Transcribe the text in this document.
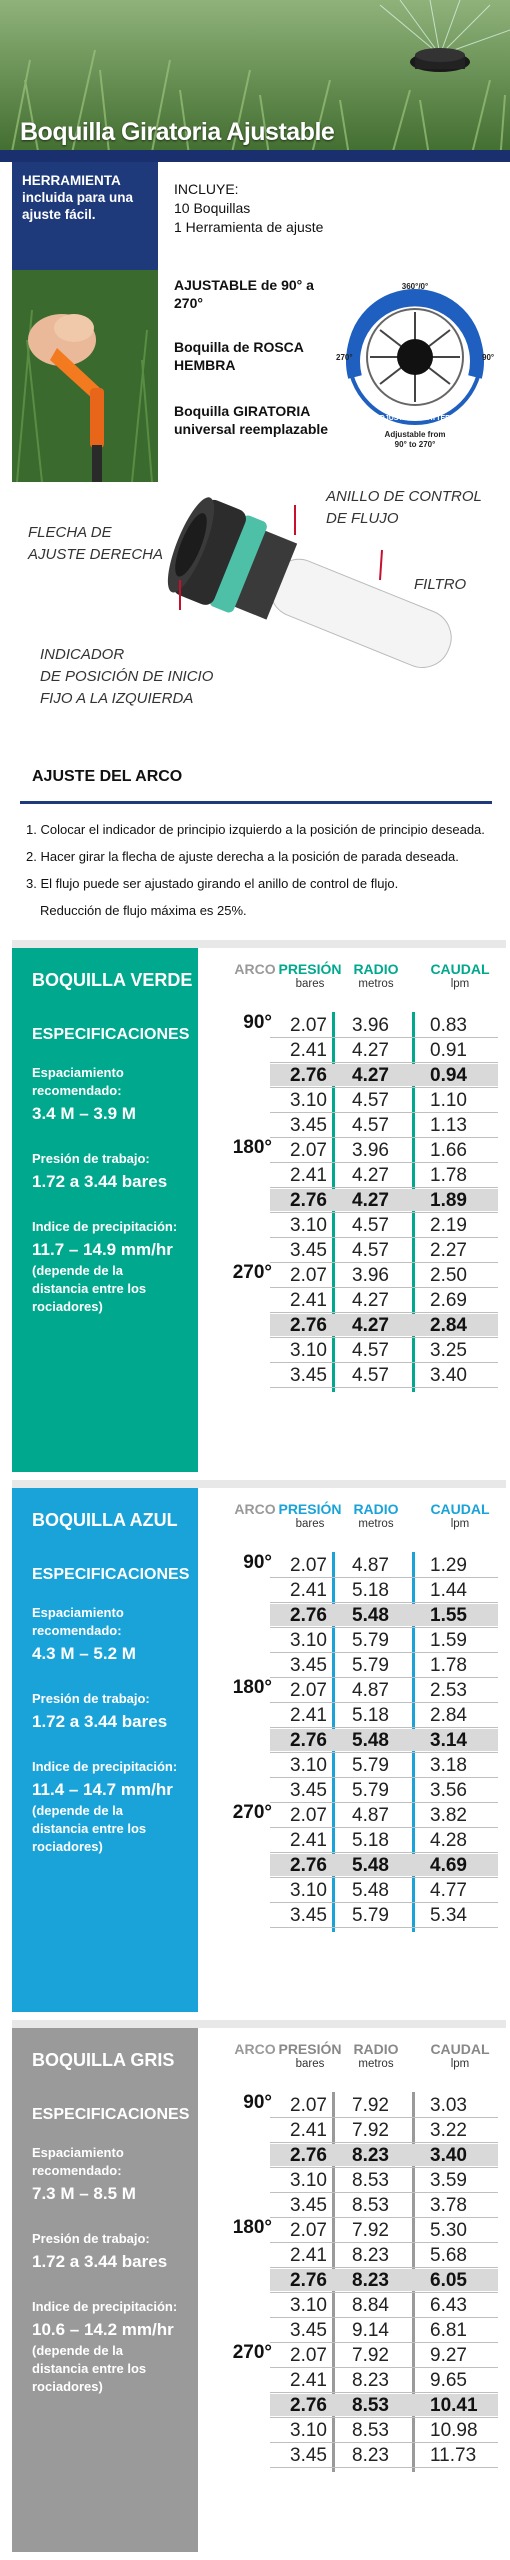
Boquilla Giratoria Ajustable
HERRAMIENTA incluida para una ajuste fácil.
INCLUYE:
10 Boquillas
1 Herramienta de ajuste
AJUSTABLE de 90° a 270°
Boquilla de ROSCA HEMBRA
Boquilla GIRATORIA universal reemplazable
360°/0°
270°	90°
ADJUSTABLE PATTERN
Adjustable from
90° to 270°
FLECHA DE
AJUSTE DERECHA
ANILLO DE CONTROL
DE FLUJO
FILTRO
INDICADOR
DE POSICIÓN DE INICIO
FIJO A LA IZQUIERDA
AJUSTE DEL ARCO
1. Colocar el indicador de principio izquierdo a la posición de principio deseada.
2. Hacer girar la flecha de ajuste derecha a la posición de parada deseada.
3. El flujo puede ser ajustado girando el anillo de control de flujo.
Reducción de flujo máxima es 25%.
BOQUILLA VERDE
ESPECIFICACIONES
Espaciamiento recomendado:
3.4 M – 3.9 M
Presión de trabajo:
1.72 a 3.44 bares
Indice de precipitación:
11.7 – 14.9 mm/hr
(depende de la distancia entre los rociadores)
ARCO PRESIÓN
bares
RADIO
metros
CAUDAL
lpm
90° 2.07 3.96 0.83
2.41 4.27 0.91
2.76 4.27 0.94
3.10 4.57 1.10
3.45 4.57 1.13
180° 2.07 3.96 1.66
2.41 4.27 1.78
2.76 4.27 1.89
3.10 4.57 2.19
3.45 4.57 2.27
270° 2.07 3.96 2.50
2.41 4.27 2.69
2.76 4.27 2.84
3.10 4.57 3.25
3.45 4.57 3.40
BOQUILLA AZUL
ESPECIFICACIONES
Espaciamiento recomendado:
4.3 M – 5.2 M
Presión de trabajo:
1.72 a 3.44 bares
Indice de precipitación:
11.4 – 14.7 mm/hr
(depende de la distancia entre los rociadores)
ARCO PRESIÓN
bares
RADIO
metros
CAUDAL
lpm
90° 2.07 4.87 1.29
2.41 5.18 1.44
2.76 5.48 1.55
3.10 5.79 1.59
3.45 5.79 1.78
180° 2.07 4.87 2.53
2.41 5.18 2.84
2.76 5.48 3.14
3.10 5.79 3.18
3.45 5.79 3.56
270° 2.07 4.87 3.82
2.41 5.18 4.28
2.76 5.48 4.69
3.10 5.48 4.77
3.45 5.79 5.34
BOQUILLA GRIS
ESPECIFICACIONES
Espaciamiento recomendado:
7.3 M – 8.5 M
Presión de trabajo:
1.72 a 3.44 bares
Indice de precipitación:
10.6 – 14.2 mm/hr
(depende de la distancia entre los rociadores)
ARCO PRESIÓN
bares
RADIO
metros
CAUDAL
lpm
90° 2.07 7.92 3.03
2.41 7.92 3.22
2.76 8.23 3.40
3.10 8.53 3.59
3.45 8.53 3.78
180° 2.07 7.92 5.30
2.41 8.23 5.68
2.76 8.23 6.05
3.10 8.84 6.43
3.45 9.14 6.81
270° 2.07 7.92 9.27
2.41 8.23 9.65
2.76 8.53 10.41
3.10 8.53 10.98
3.45 8.23 11.73
